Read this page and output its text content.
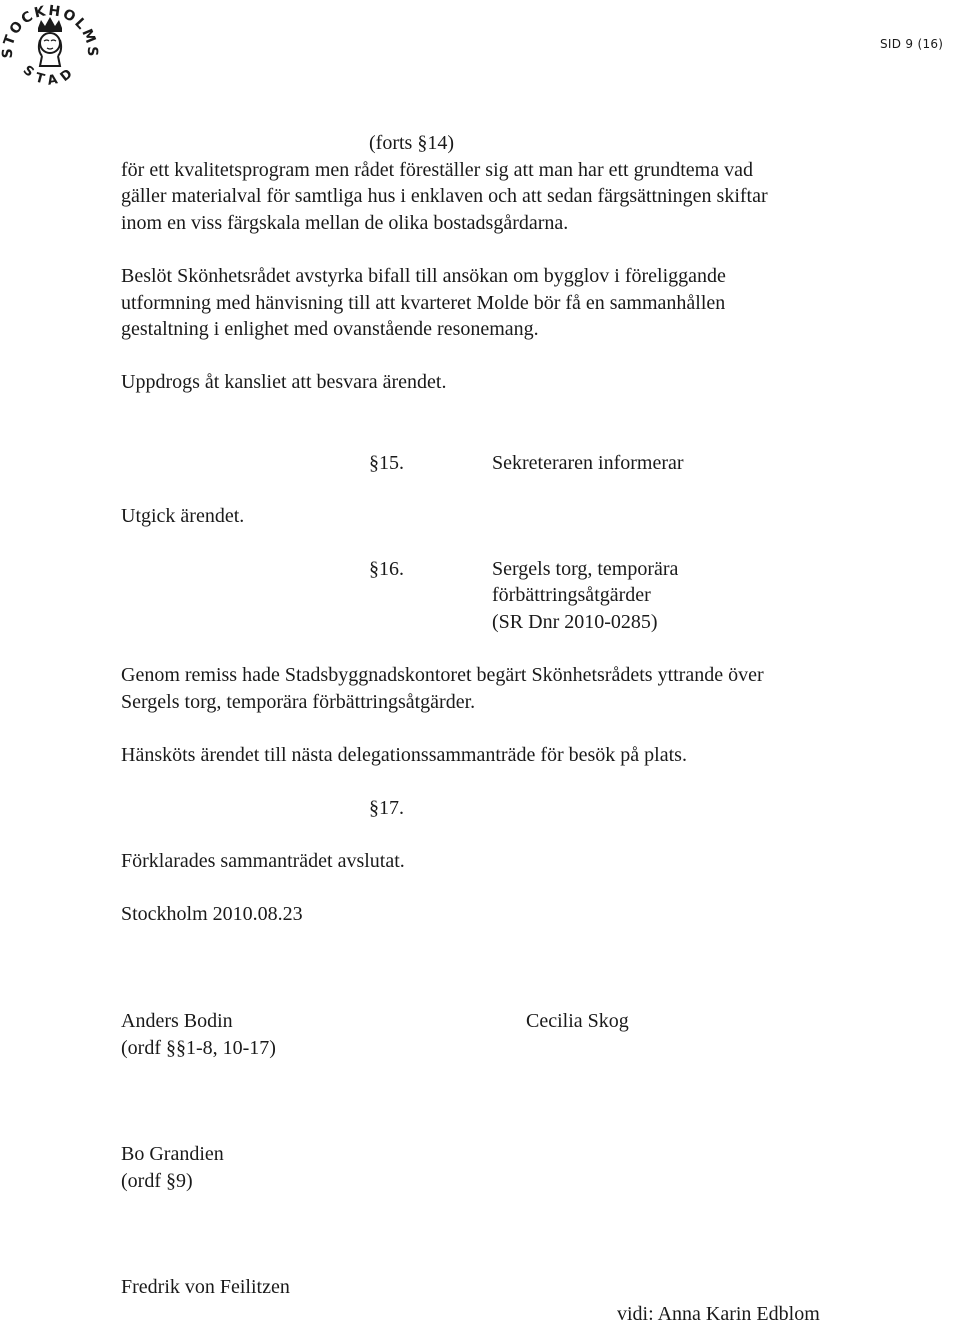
STOCKHOLMS
STAD
SID 9 (16)

(forts §14)

för ett kvalitetsprogram men rådet föreställer sig att man har ett grundtema vad

gäller materialval för samtliga hus i enklaven och att sedan färgsättningen skiftar

inom en viss färgskala mellan de olika bostadsgårdarna.

Beslöt Skönhetsrådet avstyrka bifall till ansökan om bygglov i föreliggande

utformning med hänvisning till att kvarteret Molde bör få en sammanhållen

gestaltning i enlighet med ovanstående resonemang.

Uppdrogs åt kansliet att besvara ärendet.

§15.	Sekreteraren informerar

Utgick ärendet.

§16.	Sergels torg, temporära

förbättringsåtgärder

(SR Dnr 2010-0285)

Genom remiss hade Stadsbyggnadskontoret begärt Skönhetsrådets yttrande över

Sergels torg, temporära förbättringsåtgärder.

Hänsköts ärendet till nästa delegationssammanträde för besök på plats.

§17.

Förklarades sammanträdet avslutat.

Stockholm 2010.08.23

Anders Bodin

(ordf §§1-8, 10-17)

Cecilia Skog

Bo Grandien

(ordf §9)

Fredrik von Feilitzen

vidi: Anna Karin Edblom
